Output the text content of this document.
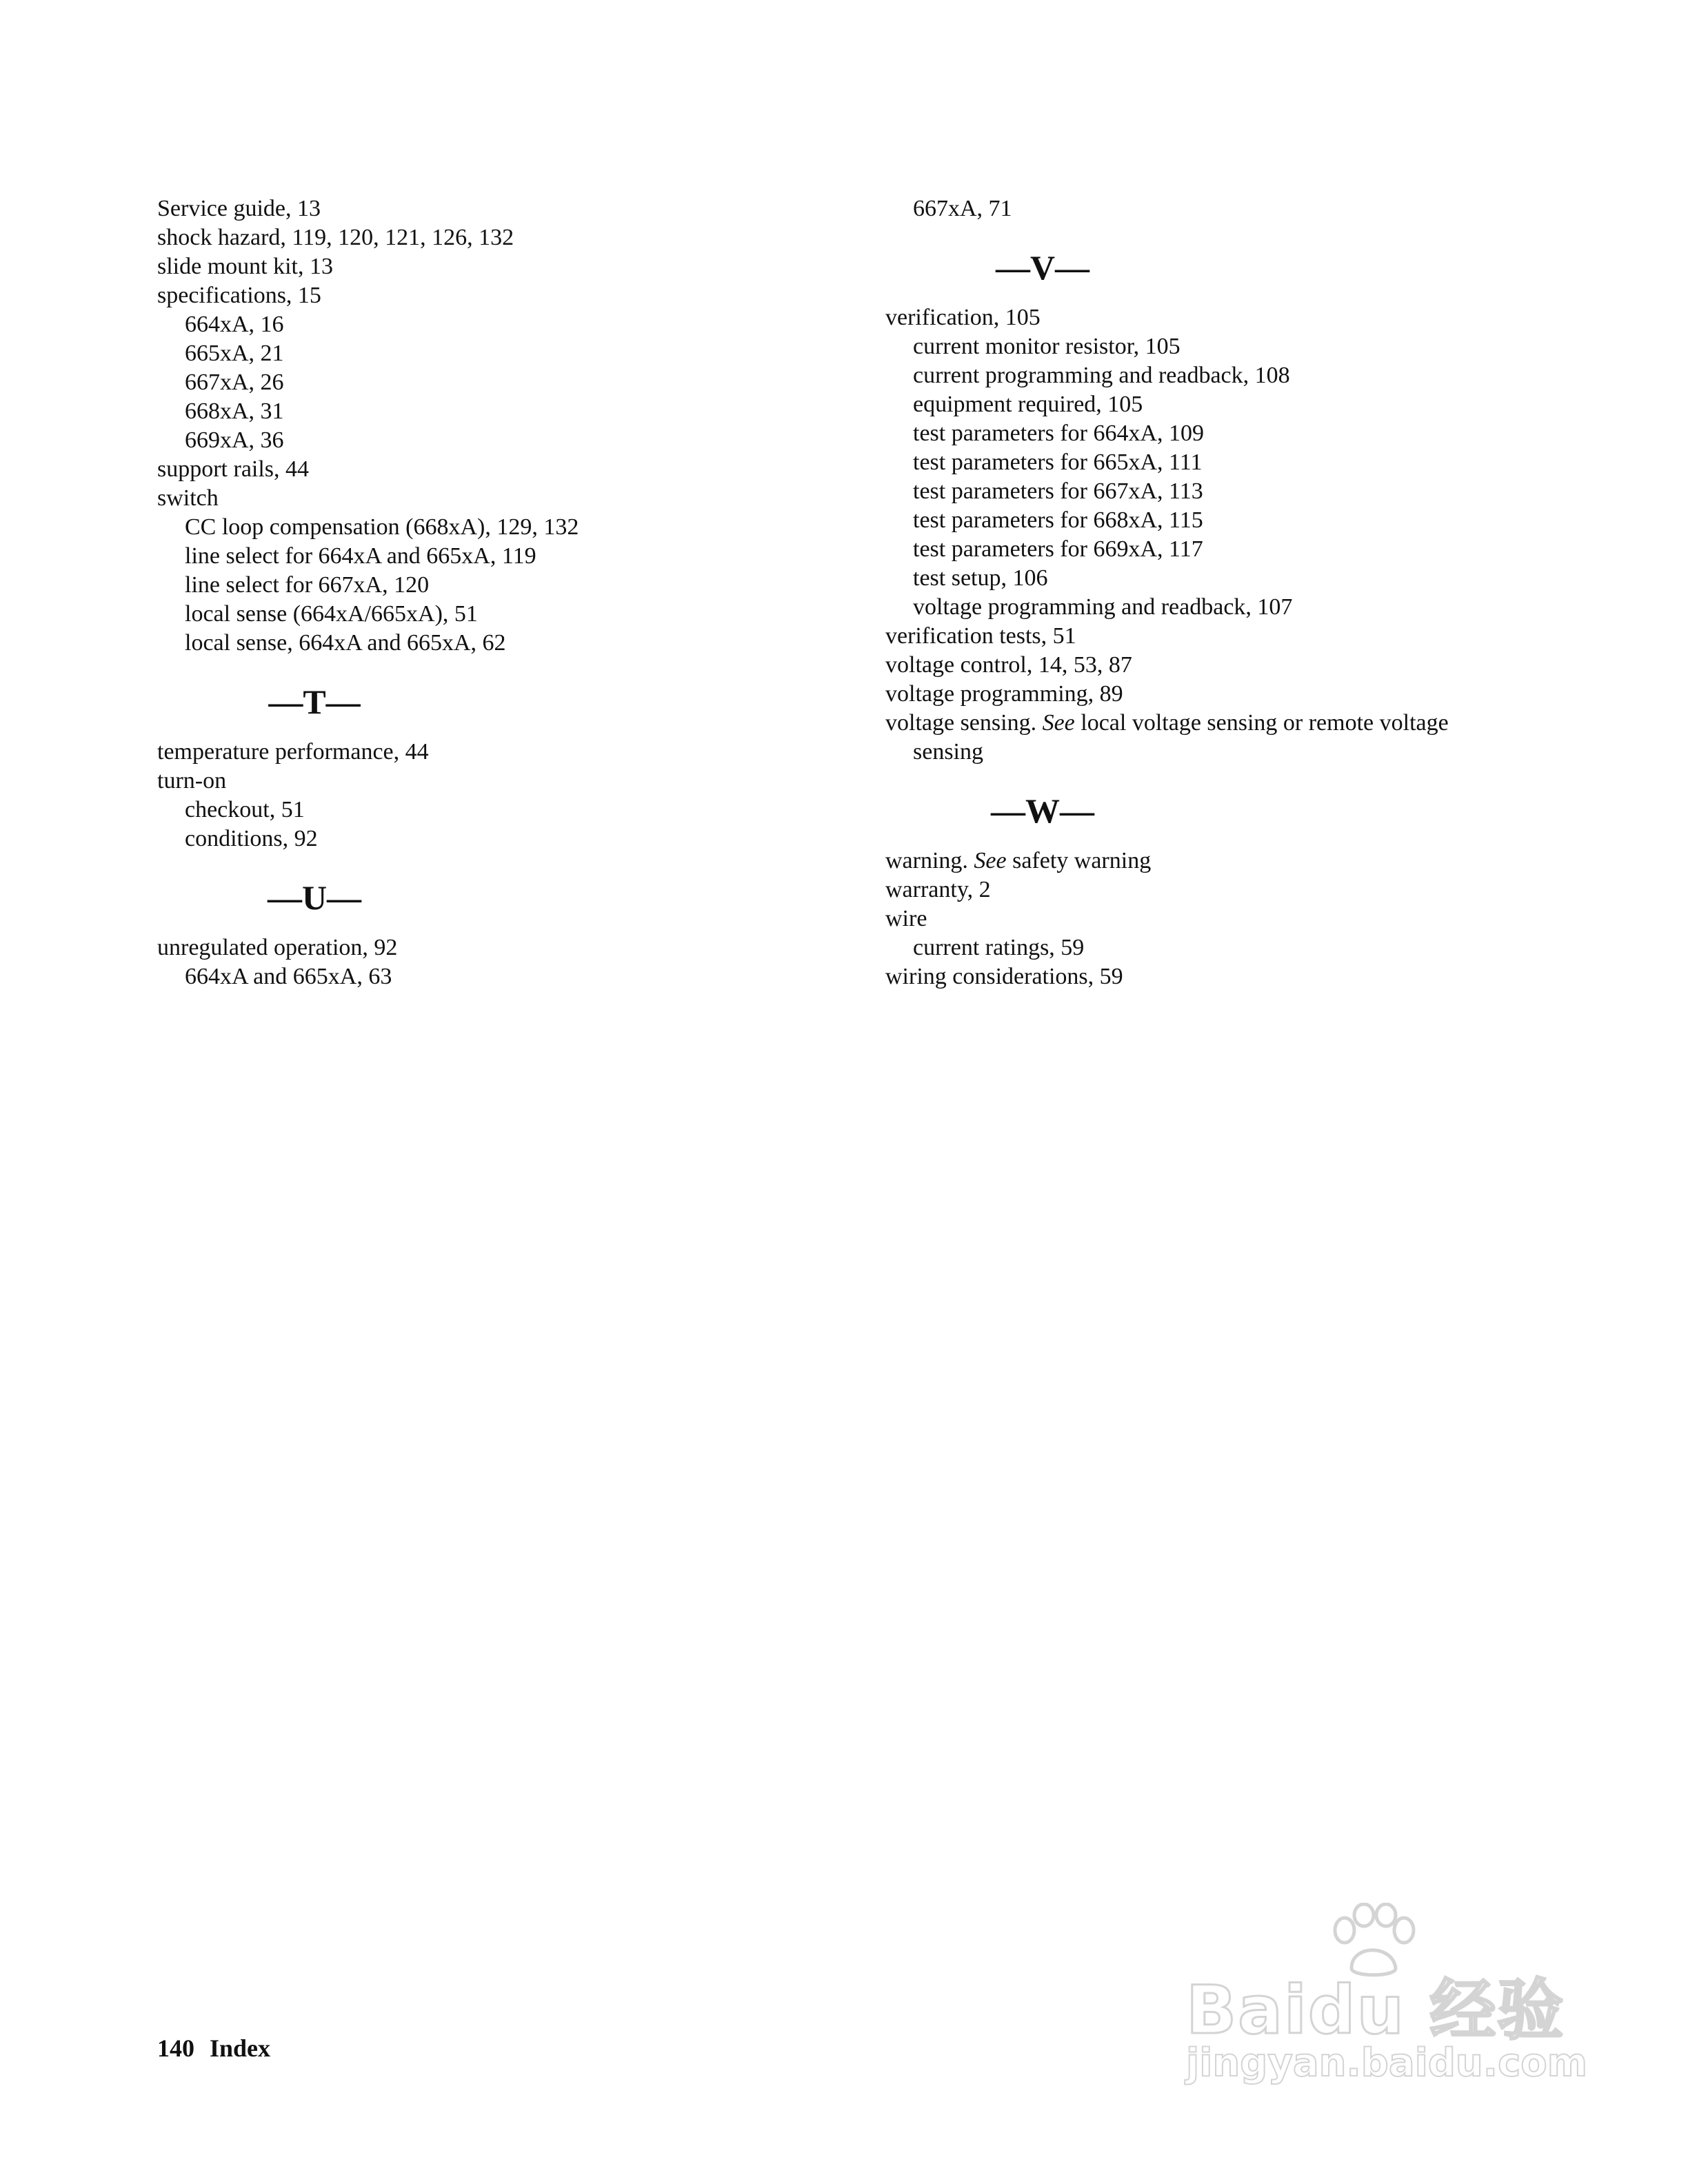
Service guide, 13
shock hazard, 119, 120, 121, 126, 132
slide mount kit, 13
specifications, 15
664xA, 16
665xA, 21
667xA, 26
668xA, 31
669xA, 36
support rails, 44
switch
CC loop compensation (668xA), 129, 132
line select for 664xA and 665xA, 119
line select for 667xA, 120
local sense (664xA/665xA), 51
local sense, 664xA and 665xA, 62
—T—
temperature performance, 44
turn-on
checkout, 51
conditions, 92
—U—
unregulated operation, 92
664xA and 665xA, 63
667xA, 71
—V—
verification, 105
current monitor resistor, 105
current programming and readback, 108
equipment required, 105
test parameters for 664xA, 109
test parameters for 665xA, 111
test parameters for 667xA, 113
test parameters for 668xA, 115
test parameters for 669xA, 117
test setup, 106
voltage programming and readback, 107
verification tests, 51
voltage control, 14, 53, 87
voltage programming, 89
voltage sensing. See local voltage sensing or remote voltage
sensing
—W—
warning. See safety warning
warranty, 2
wire
current ratings, 59
wiring considerations, 59
140 Index	Baidu 经验
jingyan.baidu.com
